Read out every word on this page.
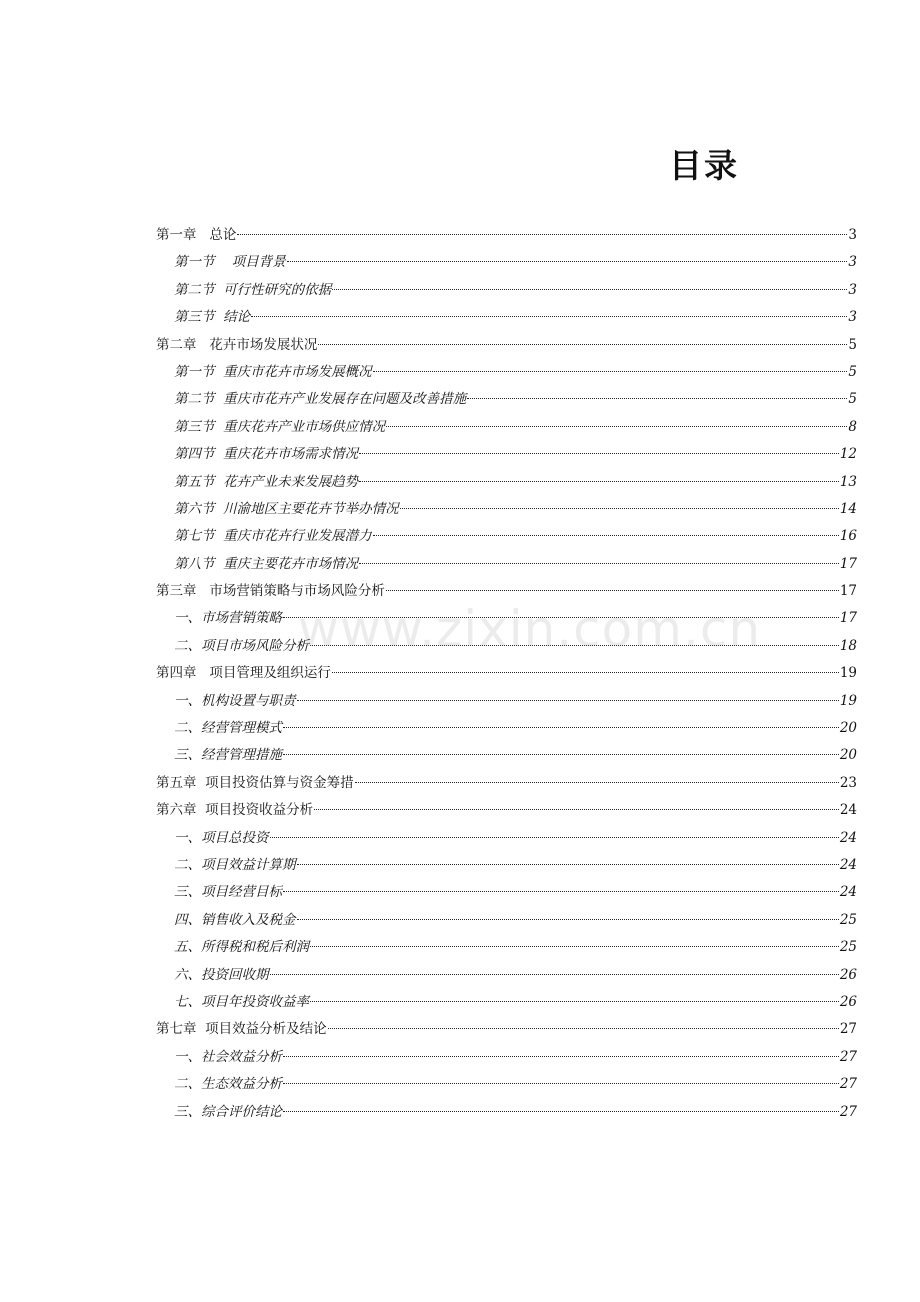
目录
第一章   总论	3
第一节    项目背景	3
第二节  可行性研究的依据	3
第三节  结论	3
第二章   花卉市场发展状况	5
第一节  重庆市花卉市场发展概况	5
第二节  重庆市花卉产业发展存在问题及改善措施	5
第三节  重庆花卉产业市场供应情况	8
第四节  重庆花卉市场需求情况	12
第五节  花卉产业未来发展趋势	13
第六节  川渝地区主要花卉节举办情况	14
第七节  重庆市花卉行业发展潜力	16
第八节  重庆主要花卉市场情况	17
第三章   市场营销策略与市场风险分析	17
一、市场营销策略	17
二、项目市场风险分析	18
第四章   项目管理及组织运行	19
一、机构设置与职责	19
二、经营管理模式	20
三、经营管理措施	20
第五章  项目投资估算与资金筹措	23
第六章  项目投资收益分析	24
一、项目总投资	24
二、项目效益计算期	24
三、项目经营目标	24
四、销售收入及税金	25
五、所得税和税后利润	25
六、投资回收期	26
七、项目年投资收益率	26
第七章  项目效益分析及结论	27
一、社会效益分析	27
二、生态效益分析	27
三、综合评价结论	27
www.zixin.com.cn
